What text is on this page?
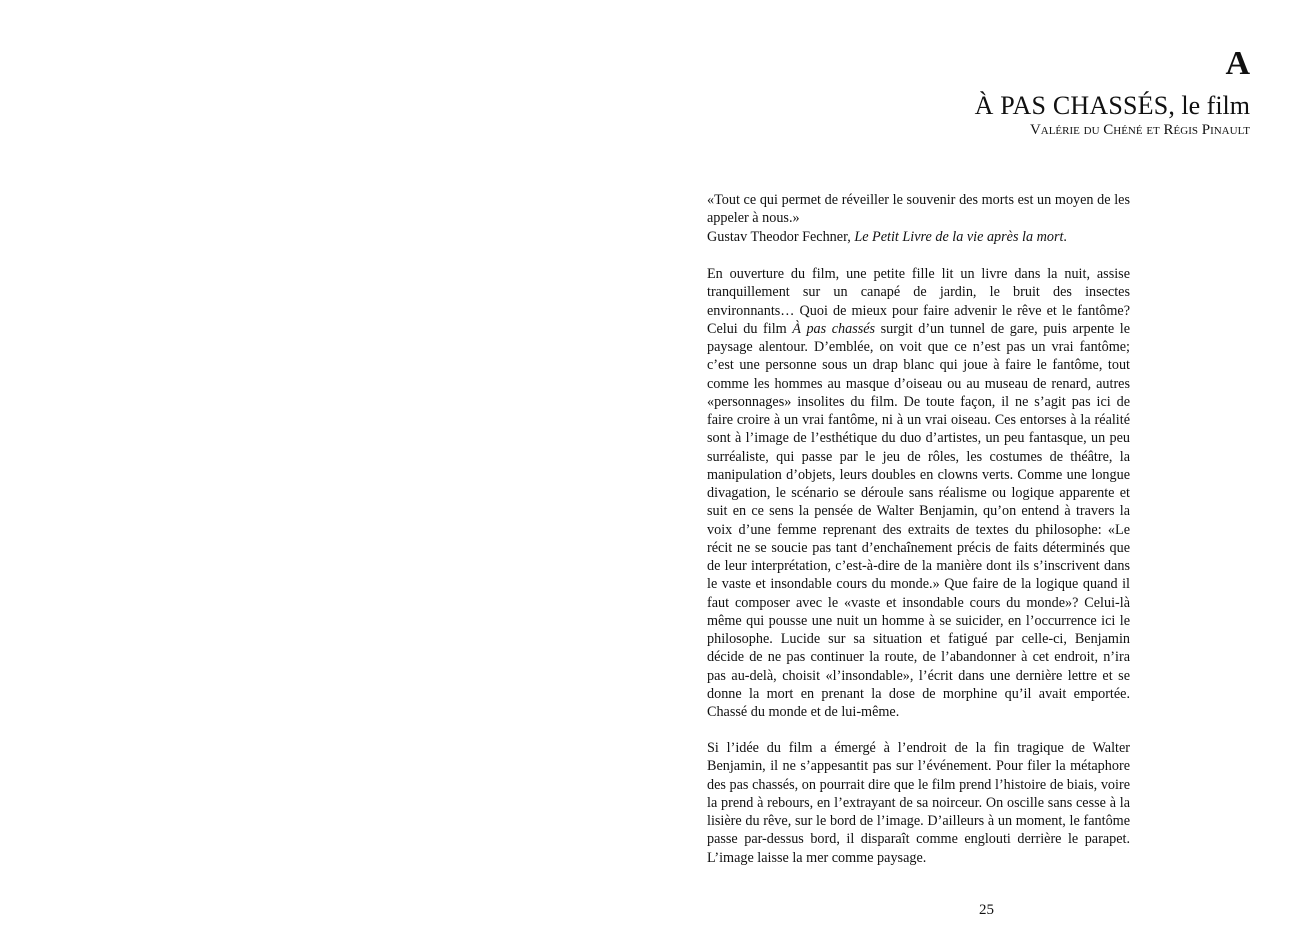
A
À PAS CHASSÉS, le film
Valérie du Chéné et Régis Pinault

«Tout ce qui permet de réveiller le souvenir des morts est un moyen de les appeler à nous.»

Gustav Theodor Fechner, Le Petit Livre de la vie après la mort.

En ouverture du film, une petite fille lit un livre dans la nuit, assise tranquillement sur un canapé de jardin, le bruit des insectes environnants… Quoi de mieux pour faire advenir le rêve et le fantôme? Celui du film À pas chassés surgit d’un tunnel de gare, puis arpente le paysage alentour. D’emblée, on voit que ce n’est pas un vrai fantôme; c’est une personne sous un drap blanc qui joue à faire le fantôme, tout comme les hommes au masque d’oiseau ou au museau de renard, autres «personnages» insolites du film. De toute façon, il ne s’agit pas ici de faire croire à un vrai fantôme, ni à un vrai oiseau. Ces entorses à la réalité sont à l’image de l’esthétique du duo d’artistes, un peu fantasque, un peu surréaliste, qui passe par le jeu de rôles, les costumes de théâtre, la manipulation d’objets, leurs doubles en clowns verts. Comme une longue divagation, le scénario se déroule sans réalisme ou logique apparente et suit en ce sens la pensée de Walter Benjamin, qu’on entend à travers la voix d’une femme reprenant des extraits de textes du philosophe: «Le récit ne se soucie pas tant d’enchaînement précis de faits déterminés que de leur interprétation, c’est-à-dire de la manière dont ils s’inscrivent dans le vaste et insondable cours du monde.» Que faire de la logique quand il faut composer avec le «vaste et insondable cours du monde»? Celui-là même qui pousse une nuit un homme à se suicider, en l’occurrence ici le philosophe. Lucide sur sa situation et fatigué par celle-ci, Benjamin décide de ne pas continuer la route, de l’abandonner à cet endroit, n’ira pas au-delà, choisit «l’insondable», l’écrit dans une dernière lettre et se donne la mort en prenant la dose de morphine qu’il avait emportée. Chassé du monde et de lui-même.

Si l’idée du film a émergé à l’endroit de la fin tragique de Walter Benjamin, il ne s’appesantit pas sur l’événement. Pour filer la métaphore des pas chassés, on pourrait dire que le film prend l’histoire de biais, voire la prend à rebours, en l’extrayant de sa noirceur. On oscille sans cesse à la lisière du rêve, sur le bord de l’image. D’ailleurs à un moment, le fantôme passe par-dessus bord, il disparaît comme englouti derrière le parapet. L’image laisse la mer comme paysage.

25
